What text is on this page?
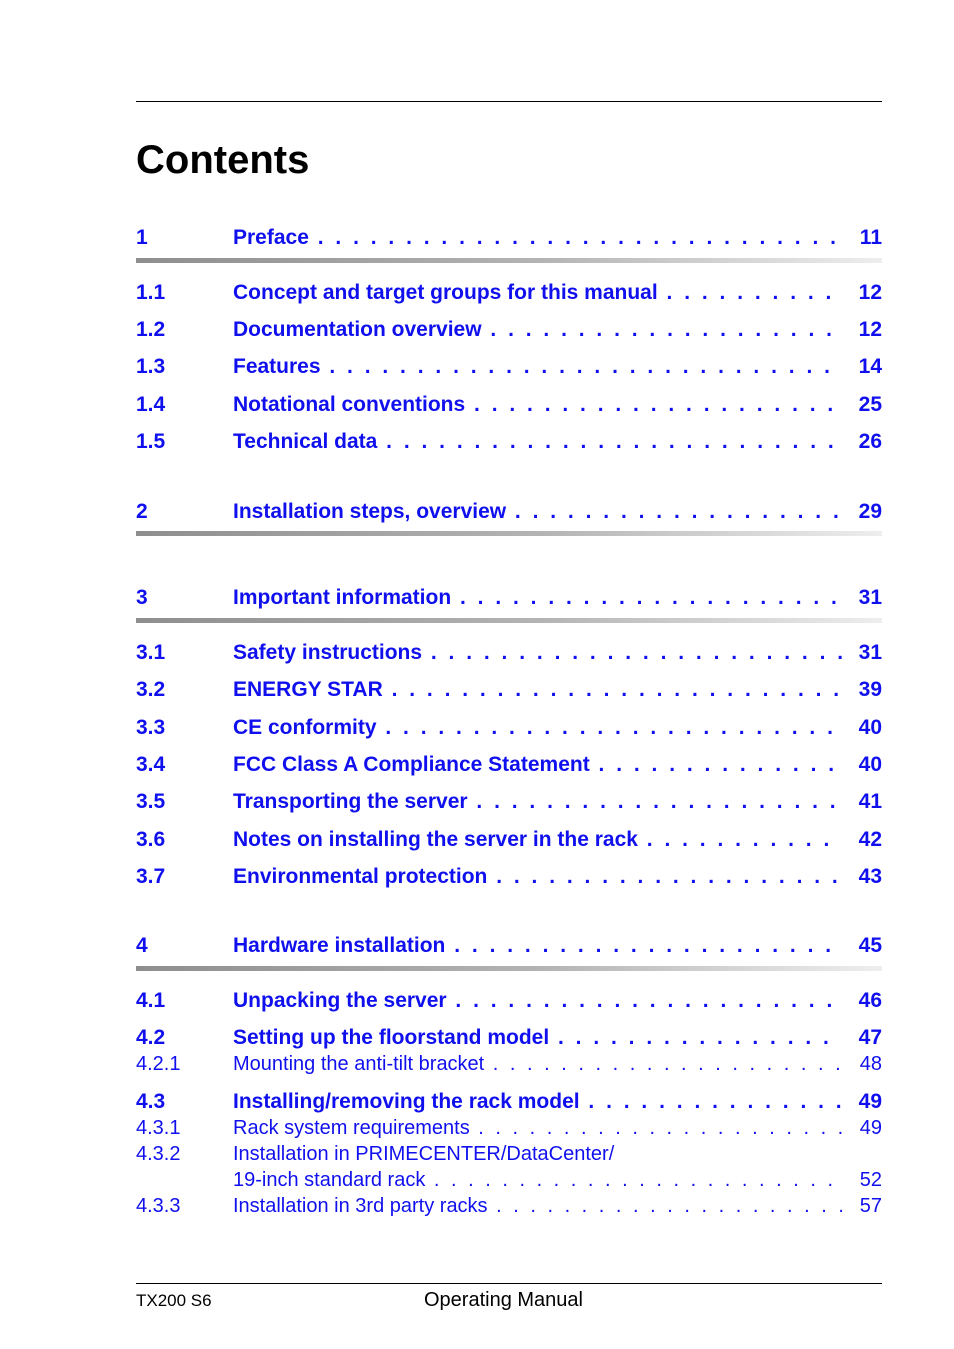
Contents
1	Preface . . .	11
1.1	Concept and target groups for this manual . . .	12
1.2	Documentation overview . . .	12
1.3	Features . . .	14
1.4	Notational conventions . . .	25
1.5	Technical data . . .	26
2	Installation steps, overview . . .	29
3	Important information . . .	31
3.1	Safety instructions . . .	31
3.2	ENERGY STAR . . .	39
3.3	CE conformity . . .	40
3.4	FCC Class A Compliance Statement . . .	40
3.5	Transporting the server . . .	41
3.6	Notes on installing the server in the rack . . .	42
3.7	Environmental protection . . .	43
4	Hardware installation . . .	45
4.1	Unpacking the server . . .	46
4.2	Setting up the floorstand model . . .	47
4.2.1	Mounting the anti-tilt bracket . . .	48
4.3	Installing/removing the rack model . . .	49
4.3.1	Rack system requirements . . .	49
4.3.2	Installation in PRIMECENTER/DataCenter/
19-inch standard rack . . .	52
4.3.3	Installation in 3rd party racks . . .	57
TX200 S6	Operating Manual
